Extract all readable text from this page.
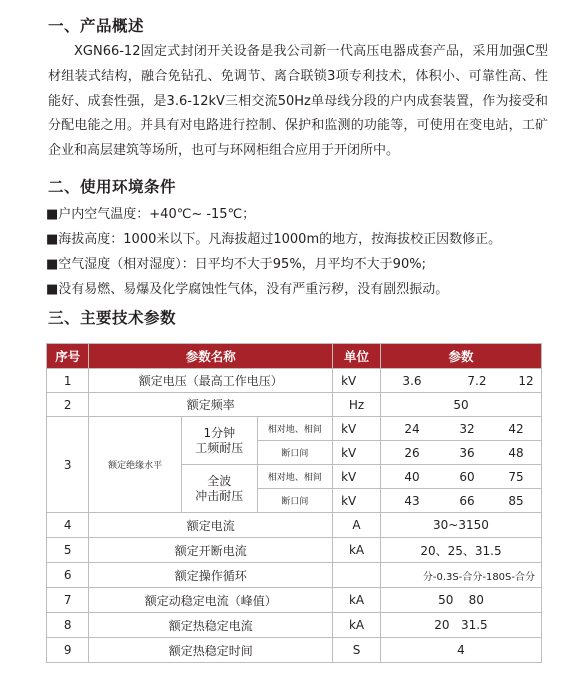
一、产品概述
XGN66-12固定式封闭开关设备是我公司新一代高压电器成套产品，采用加强C型材组装式结构，融合免钻孔、免调节、离合联锁3项专利技术，体积小、可靠性高、性能好、成套性强，是3.6-12kV三相交流50Hz单母线分段的户内成套装置，作为接受和分配电能之用。并具有对电路进行控制、保护和监测的功能等，可使用在变电站，工矿企业和高层建筑等场所，也可与环网柜组合应用于开闭所中。
二、使用环境条件
■户内空气温度：+40℃~ -15℃；
■海拔高度：1000米以下。凡海拔超过1000m的地方，按海拔校正因数修正。
■空气湿度（相对湿度）：日平均不大于95%，月平均不大于90%;
■没有易燃、易爆及化学腐蚀性气体，没有严重污秽，没有剧烈振动。
三、主要技术参数
序号	参数名称			单位	参数
1	额定电压（最高工作电压）			kV	3.6 7.2 12
2	额定频率			Hz	50
3	额定绝缘水平	1分钟
工频耐压	相对地、相间	kV	24 32 42
			断口间	kV	26 36 48
		全波
冲击耐压	相对地、相间	kV	40 60 75
			断口间	kV	43 66 85
4	额定电流			A	30~3150
5	额定开断电流			kA	20、25、31.5
6	额定操作循环				分-0.3S-合分-180S-合分
7	额定动稳定电流（峰值）			kA	50    80
8	额定热稳定电流			kA	20   31.5
9	额定热稳定时间			S	4
